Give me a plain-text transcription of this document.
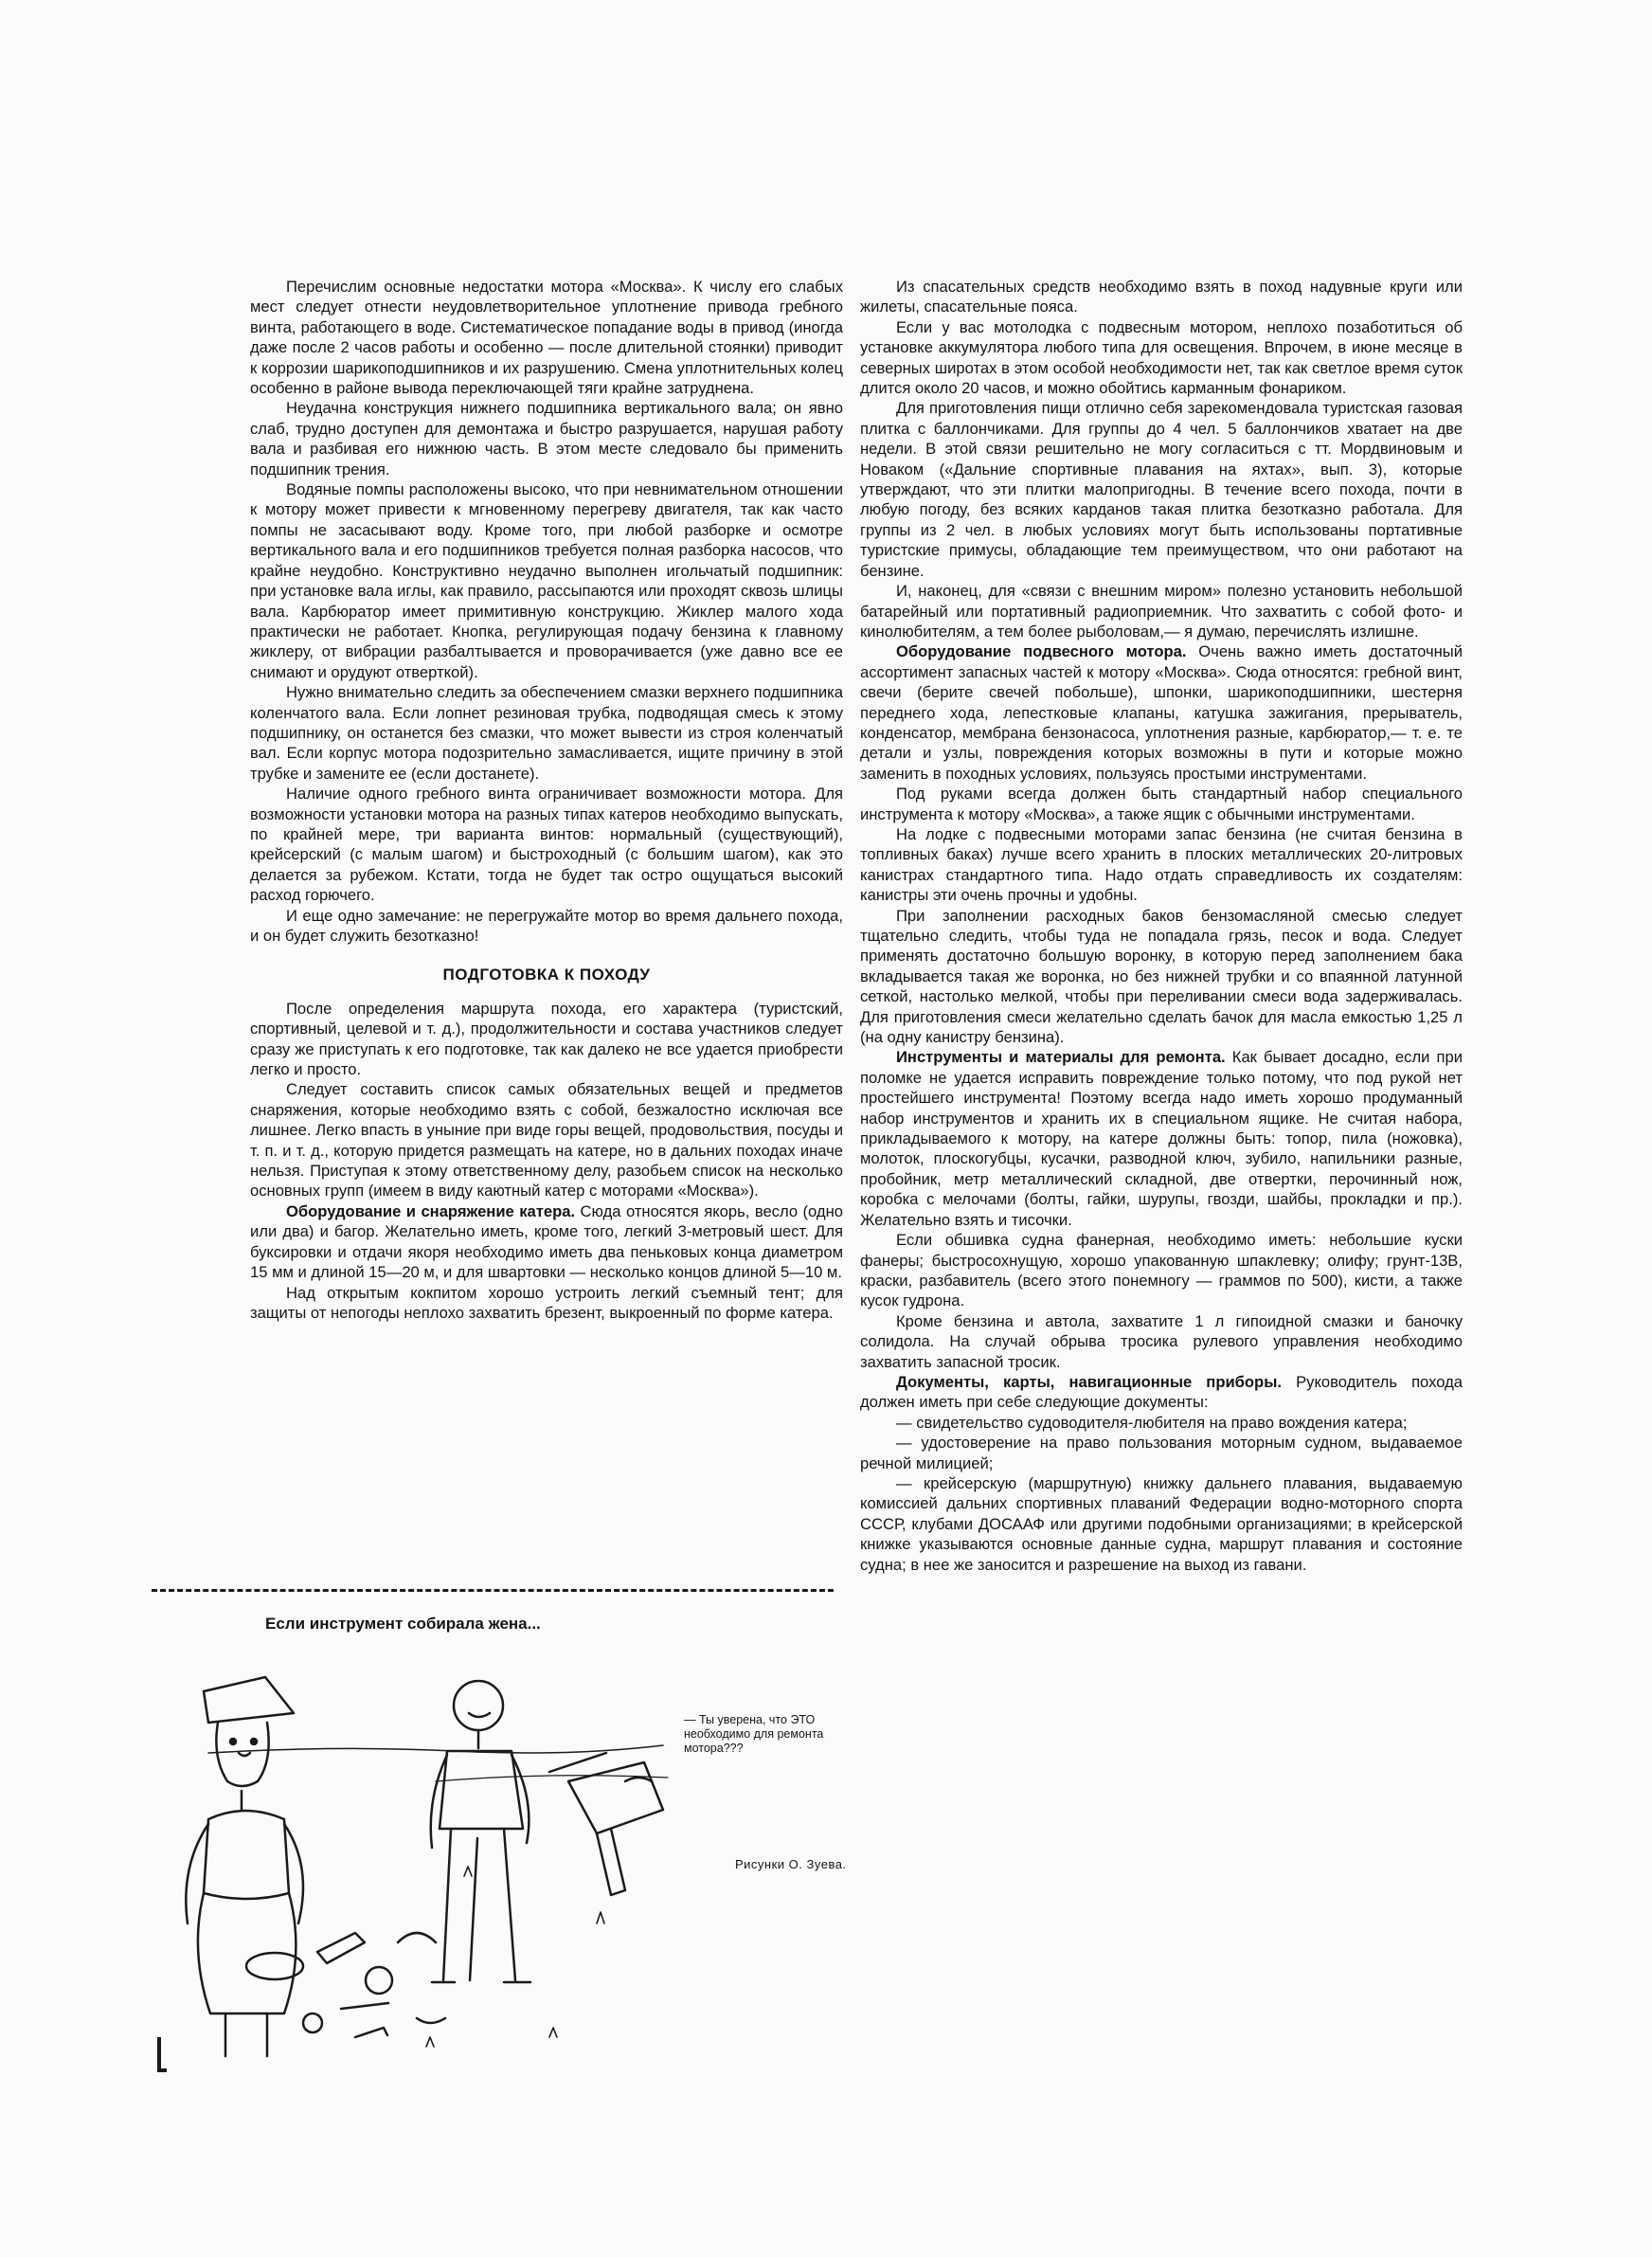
Перечислим основные недостатки мотора «Москва». К числу его слабых мест следует отнести неудовлетворительное уплотнение привода гребного винта, работающего в воде. Систематическое попадание воды в привод (иногда даже после 2 часов работы и особенно — после длительной стоянки) приводит к коррозии шарикоподшипников и их разрушению. Смена уплотнительных колец особенно в районе вывода переключающей тяги крайне затруднена.

Неудачна конструкция нижнего подшипника вертикального вала; он явно слаб, трудно доступен для демонтажа и быстро разрушается, нарушая работу вала и разбивая его нижнюю часть. В этом месте следовало бы применить подшипник трения.

Водяные помпы расположены высоко, что при невнимательном отношении к мотору может привести к мгновенному перегреву двигателя, так как часто помпы не засасывают воду. Кроме того, при любой разборке и осмотре вертикального вала и его подшипников требуется полная разборка насосов, что крайне неудобно. Конструктивно неудачно выполнен игольчатый подшипник: при установке вала иглы, как правило, рассыпаются или проходят сквозь шлицы вала. Карбюратор имеет примитивную конструкцию. Жиклер малого хода практически не работает. Кнопка, регулирующая подачу бензина к главному жиклеру, от вибрации разбалтывается и проворачивается (уже давно все ее снимают и орудуют отверткой).

Нужно внимательно следить за обеспечением смазки верхнего подшипника коленчатого вала. Если лопнет резиновая трубка, подводящая смесь к этому подшипнику, он останется без смазки, что может вывести из строя коленчатый вал. Если корпус мотора подозрительно замасливается, ищите причину в этой трубке и замените ее (если достанете).

Наличие одного гребного винта ограничивает возможности мотора. Для возможности установки мотора на разных типах катеров необходимо выпускать, по крайней мере, три варианта винтов: нормальный (существующий), крейсерский (с малым шагом) и быстроходный (с большим шагом), как это делается за рубежом. Кстати, тогда не будет так остро ощущаться высокий расход горючего.

И еще одно замечание: не перегружайте мотор во время дальнего похода, и он будет служить безотказно!

ПОДГОТОВКА К ПОХОДУ

После определения маршрута похода, его характера (туристский, спортивный, целевой и т. д.), продолжительности и состава участников следует сразу же приступать к его подготовке, так как далеко не все удается приобрести легко и просто.

Следует составить список самых обязательных вещей и предметов снаряжения, которые необходимо взять с собой, безжалостно исключая все лишнее. Легко впасть в уныние при виде горы вещей, продовольствия, посуды и т. п. и т. д., которую придется размещать на катере, но в дальних походах иначе нельзя. Приступая к этому ответственному делу, разобьем список на несколько основных групп (имеем в виду каютный катер с моторами «Москва»).

Оборудование и снаряжение катера. Сюда относятся якорь, весло (одно или два) и багор. Желательно иметь, кроме того, легкий 3-метровый шест. Для буксировки и отдачи якоря необходимо иметь два пеньковых конца диаметром 15 мм и длиной 15—20 м, и для швартовки — несколько концов длиной 5—10 м.

Над открытым кокпитом хорошо устроить легкий съемный тент; для защиты от непогоды неплохо захватить брезент, выкроенный по форме катера.

Из спасательных средств необходимо взять в поход надувные круги или жилеты, спасательные пояса.

Если у вас мотолодка с подвесным мотором, неплохо позаботиться об установке аккумулятора любого типа для освещения. Впрочем, в июне месяце в северных широтах в этом особой необходимости нет, так как светлое время суток длится около 20 часов, и можно обойтись карманным фонариком.

Для приготовления пищи отлично себя зарекомендовала туристская газовая плитка с баллончиками. Для группы до 4 чел. 5 баллончиков хватает на две недели. В этой связи решительно не могу согласиться с тт. Мордвиновым и Новаком («Дальние спортивные плавания на яхтах», вып. 3), которые утверждают, что эти плитки малопригодны. В течение всего похода, почти в любую погоду, без всяких карданов такая плитка безотказно работала. Для группы из 2 чел. в любых условиях могут быть использованы портативные туристские примусы, обладающие тем преимуществом, что они работают на бензине.

И, наконец, для «связи с внешним миром» полезно установить небольшой батарейный или портативный радиоприемник. Что захватить с собой фото- и кинолюбителям, а тем более рыболовам,— я думаю, перечислять излишне.

Оборудование подвесного мотора. Очень важно иметь достаточный ассортимент запасных частей к мотору «Москва». Сюда относятся: гребной винт, свечи (берите свечей побольше), шпонки, шарикоподшипники, шестерня переднего хода, лепестковые клапаны, катушка зажигания, прерыватель, конденсатор, мембрана бензонасоса, уплотнения разные, карбюратор,— т. е. те детали и узлы, повреждения которых возможны в пути и которые можно заменить в походных условиях, пользуясь простыми инструментами.

Под руками всегда должен быть стандартный набор специального инструмента к мотору «Москва», а также ящик с обычными инструментами.

На лодке с подвесными моторами запас бензина (не считая бензина в топливных баках) лучше всего хранить в плоских металлических 20-литровых канистрах стандартного типа. Надо отдать справедливость их создателям: канистры эти очень прочны и удобны.

При заполнении расходных баков бензомасляной смесью следует тщательно следить, чтобы туда не попадала грязь, песок и вода. Следует применять достаточно большую воронку, в которую перед заполнением бака вкладывается такая же воронка, но без нижней трубки и со впаянной латунной сеткой, настолько мелкой, чтобы при переливании смеси вода задерживалась. Для приготовления смеси желательно сделать бачок для масла емкостью 1,25 л (на одну канистру бензина).

Инструменты и материалы для ремонта. Как бывает досадно, если при поломке не удается исправить повреждение только потому, что под рукой нет простейшего инструмента! Поэтому всегда надо иметь хорошо продуманный набор инструментов и хранить их в специальном ящике. Не считая набора, прикладываемого к мотору, на катере должны быть: топор, пила (ножовка), молоток, плоскогубцы, кусачки, разводной ключ, зубило, напильники разные, пробойник, метр металлический складной, две отвертки, перочинный нож, коробка с мелочами (болты, гайки, шурупы, гвозди, шайбы, прокладки и пр.). Желательно взять и тисочки.

Если обшивка судна фанерная, необходимо иметь: небольшие куски фанеры; быстросохнущую, хорошо упакованную шпаклевку; олифу; грунт-13В, краски, разбавитель (всего этого понемногу — граммов по 500), кисти, а также кусок гудрона.

Кроме бензина и автола, захватите 1 л гипоидной смазки и баночку солидола. На случай обрыва тросика рулевого управления необходимо захватить запасной тросик.

Документы, карты, навигационные приборы. Руководитель похода должен иметь при себе следующие документы:

— свидетельство судоводителя-любителя на право вождения катера;

— удостоверение на право пользования моторным судном, выдаваемое речной милицией;

— крейсерскую (маршрутную) книжку дальнего плавания, выдаваемую комиссией дальних спортивных плаваний Федерации водно-моторного спорта СССР, клубами ДОСААФ или другими подобными организациями; в крейсерской книжке указываются основные данные судна, маршрут плавания и состояние судна; в нее же заносится и разрешение на выход из гавани.

Если инструмент собирала жена...
— Ты уверена, что ЭТО необходимо для ремонта мотора???
Рисунки О. Зуева.
